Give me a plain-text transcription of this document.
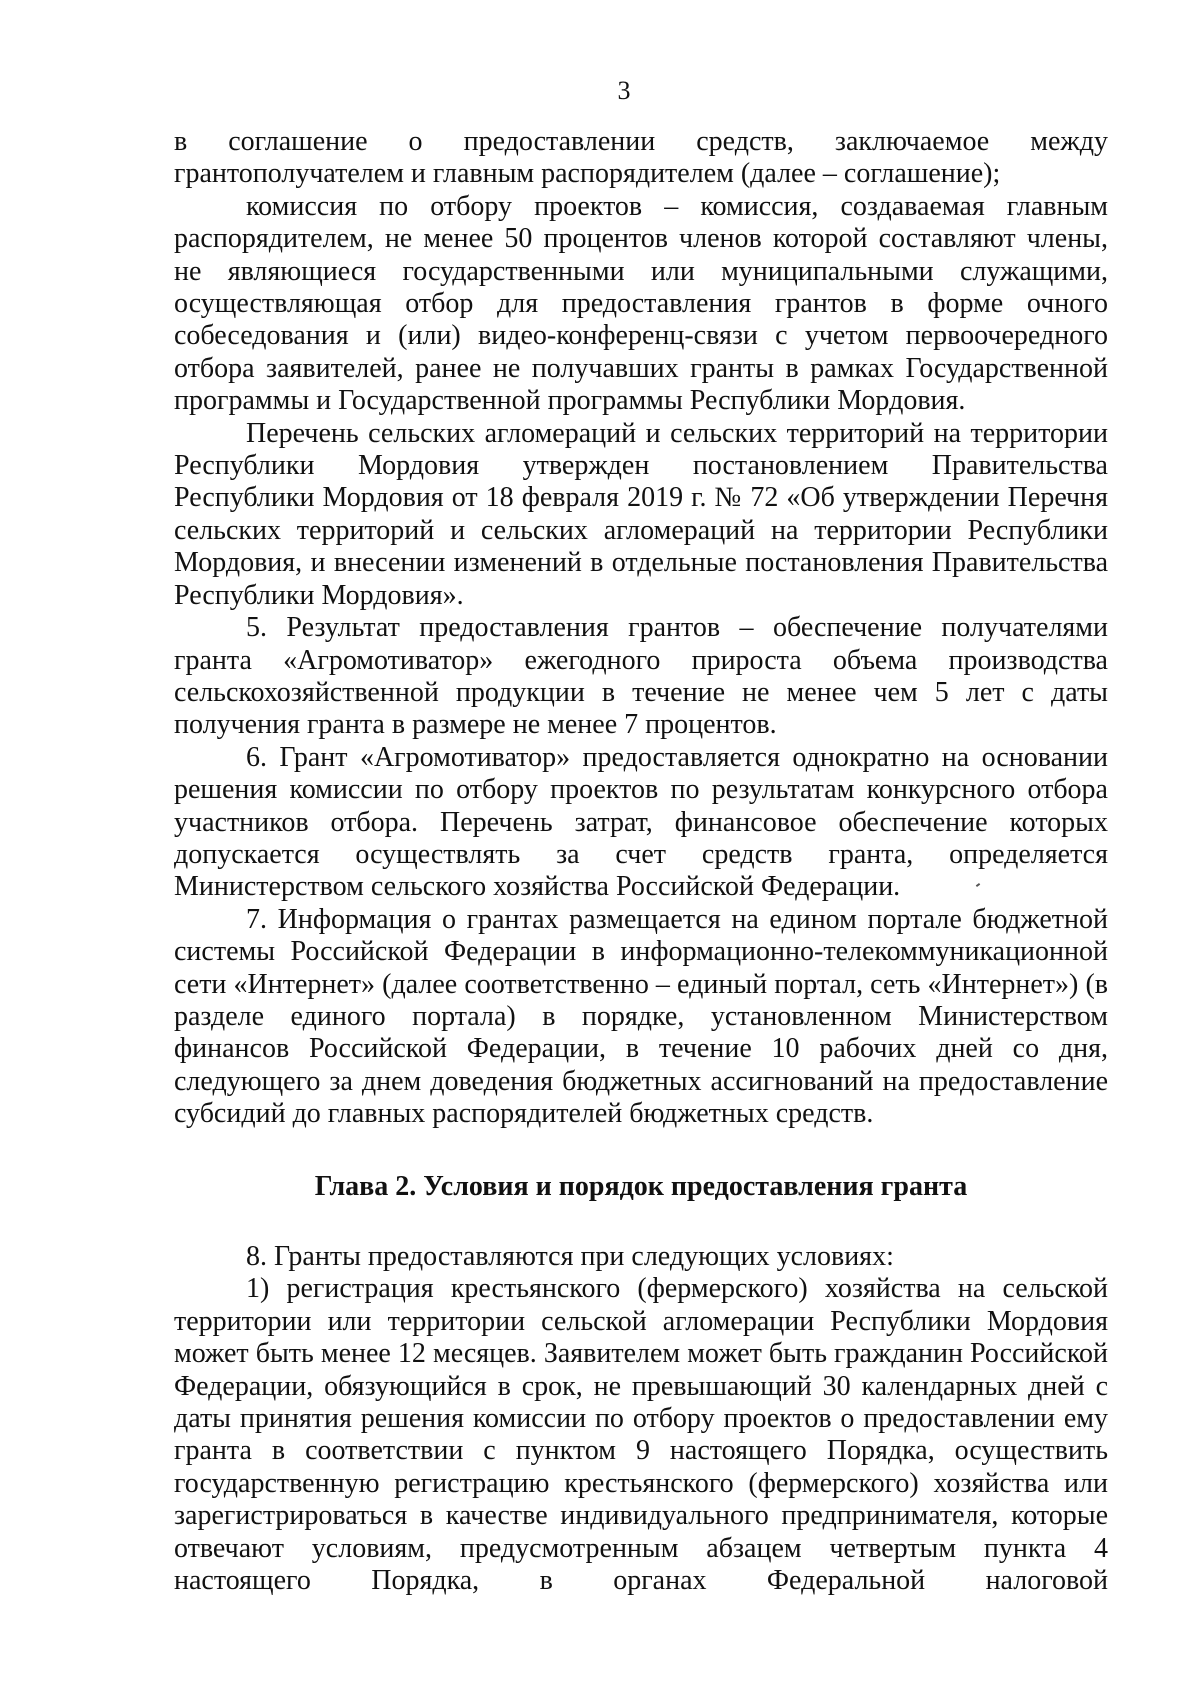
3

в соглашение о предоставлении средств, заключаемое между грантополучателем и главным распорядителем (далее – соглашение);

комиссия по отбору проектов – комиссия, создаваемая главным распорядителем, не менее 50 процентов членов которой составляют члены, не являющиеся государственными или муниципальными служащими, осуществляющая отбор для предоставления грантов в форме очного собеседования и (или) видео-конференц-связи с учетом первоочередного отбора заявителей, ранее не получавших гранты в рамках Государственной программы и Государственной программы Республики Мордовия.

Перечень сельских агломераций и сельских территорий на территории Республики Мордовия утвержден постановлением Правительства Республики Мордовия от 18 февраля 2019 г. № 72 «Об утверждении Перечня сельских территорий и сельских агломераций на территории Республики Мордовия, и внесении изменений в отдельные постановления Правительства Республики Мордовия».

5. Результат предоставления грантов – обеспечение получателями гранта «Агромотиватор» ежегодного прироста объема производства сельскохозяйственной продукции в течение не менее чем 5 лет с даты получения гранта в размере не менее 7 процентов.

6. Грант «Агромотиватор» предоставляется однократно на основании решения комиссии по отбору проектов по результатам конкурсного отбора участников отбора. Перечень затрат, финансовое обеспечение которых допускается осуществлять за счет средств гранта, определяется Министерством сельского хозяйства Российской Федерации.

7. Информация о грантах размещается на едином портале бюджетной системы Российской Федерации в информационно-телекоммуникационной сети «Интернет» (далее соответственно – единый портал, сеть «Интернет») (в разделе единого портала) в порядке, установленном Министерством финансов Российской Федерации, в течение 10 рабочих дней со дня, следующего за днем доведения бюджетных ассигнований на предоставление субсидий до главных распорядителей бюджетных средств.

Глава 2. Условия и порядок предоставления гранта

8. Гранты предоставляются при следующих условиях:

1) регистрация крестьянского (фермерского) хозяйства на сельской территории или территории сельской агломерации Республики Мордовия может быть менее 12 месяцев. Заявителем может быть гражданин Российской Федерации, обязующийся в срок, не превышающий 30 календарных дней с даты принятия решения комиссии по отбору проектов о предоставлении ему гранта в соответствии с пунктом 9 настоящего Порядка, осуществить государственную регистрацию крестьянского (фермерского) хозяйства или зарегистрироваться в качестве индивидуального предпринимателя, которые отвечают условиям, предусмотренным абзацем четвертым пункта 4 настоящего Порядка, в органах Федеральной налоговой
